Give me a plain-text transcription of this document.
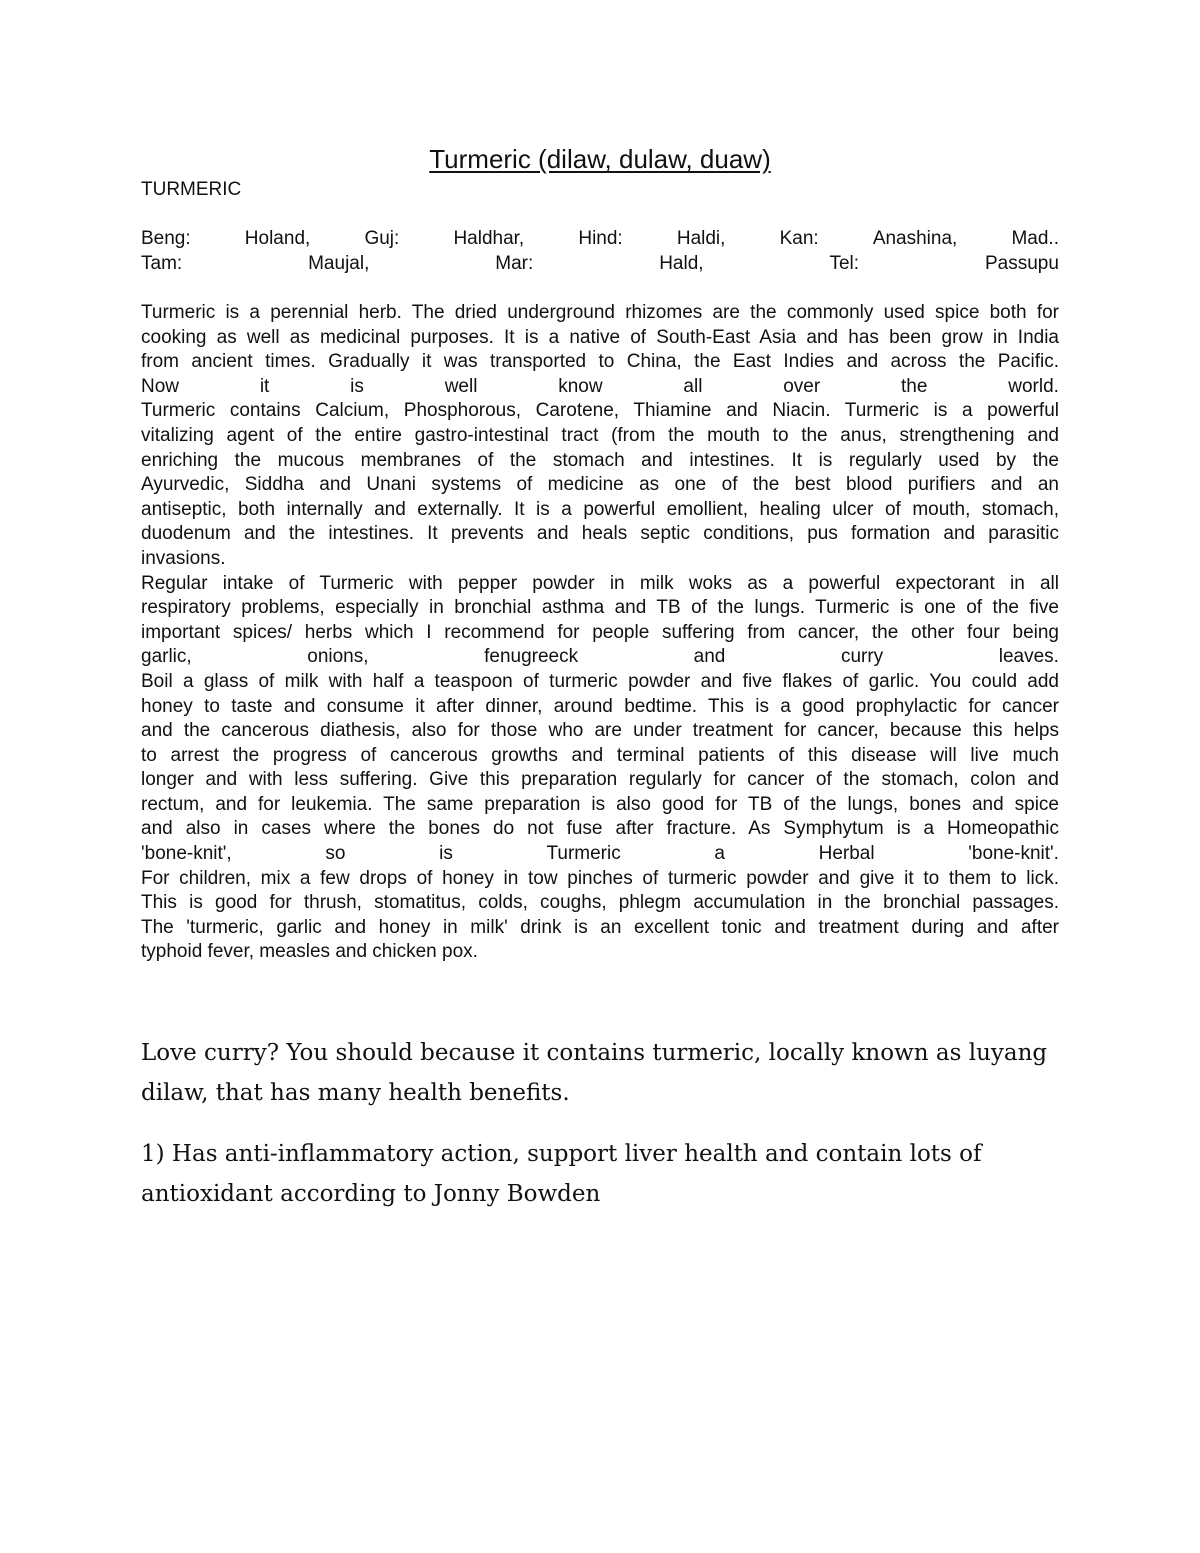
Turmeric (dilaw, dulaw, duaw)
TURMERIC
Beng:	Holand,	Guj:	Haldhar,	Hind:	Haldi,	Kan:	Anashina,	Mad..
Tam:	Maujal,	Mar:	Hald,	Tel:	Passupu
Turmeric is a perennial herb. The dried underground rhizomes are the commonly used spice both for
cooking as well as medicinal purposes. It is a native of South-East Asia and has been grow in India
from ancient times. Gradually it was transported to China, the East Indies and across the Pacific.
Now	it	is	well	know	all	over	the	world.
Turmeric contains Calcium, Phosphorous, Carotene, Thiamine and Niacin. Turmeric is a powerful
vitalizing agent of the entire gastro-intestinal tract (from the mouth to the anus, strengthening and
enriching the mucous membranes of the stomach and intestines. It is regularly used by the
Ayurvedic, Siddha and Unani systems of medicine as one of the best blood purifiers and an
antiseptic, both internally and externally. It is a powerful emollient, healing ulcer of mouth, stomach,
duodenum and the intestines. It prevents and heals septic conditions, pus formation and parasitic
invasions.
Regular intake of Turmeric with pepper powder in milk woks as a powerful expectorant in all
respiratory problems, especially in bronchial asthma and TB of the lungs. Turmeric is one of the five
important spices/ herbs which I recommend for people suffering from cancer, the other four being
garlic,	onions,	fenugreeck	and	curry	leaves.
Boil a glass of milk with half a teaspoon of turmeric powder and five flakes of garlic. You could add
honey to taste and consume it after dinner, around bedtime. This is a good prophylactic for cancer
and the cancerous diathesis, also for those who are under treatment for cancer, because this helps
to arrest the progress of cancerous growths and terminal patients of this disease will live much
longer and with less suffering. Give this preparation regularly for cancer of the stomach, colon and
rectum, and for leukemia. The same preparation is also good for TB of the lungs, bones and spice
and also in cases where the bones do not fuse after fracture. As Symphytum is a Homeopathic
'bone-knit',	so	is	Turmeric	a	Herbal	'bone-knit'.
For children, mix a few drops of honey in tow pinches of turmeric powder and give it to them to lick.
This is good for thrush, stomatitus, colds, coughs, phlegm accumulation in the bronchial passages.
The 'turmeric, garlic and honey in milk' drink is an excellent tonic and treatment during and after
typhoid fever, measles and chicken pox.
Love curry? You should because it contains turmeric, locally known as luyang
dilaw, that has many health benefits.
1) Has anti-inflammatory action, support liver health and contain lots of
antioxidant according to Jonny Bowden
